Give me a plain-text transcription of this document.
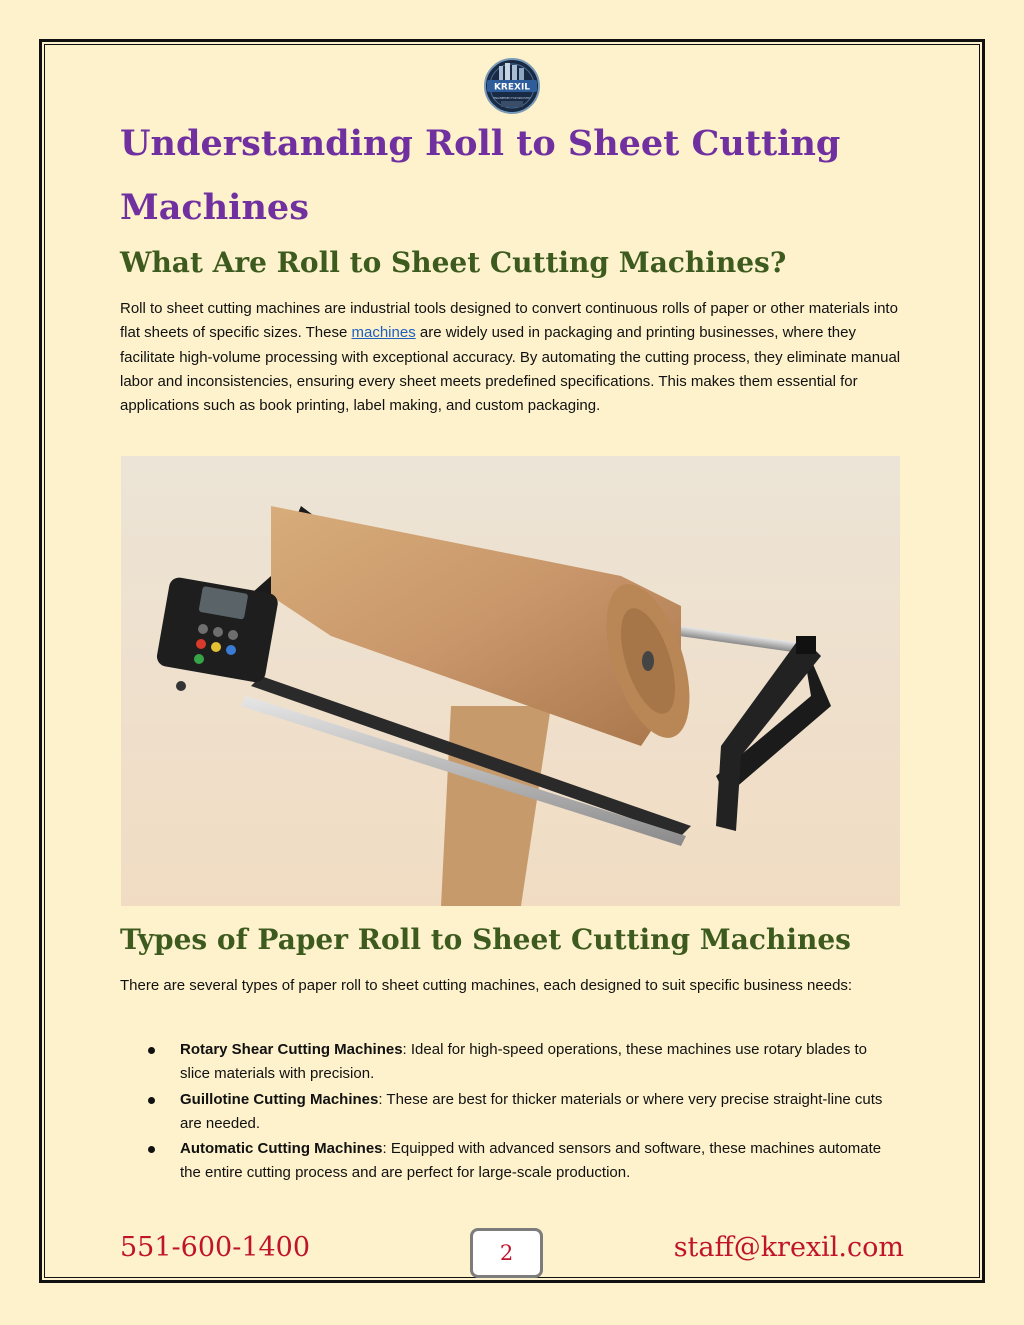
KREXIL
ENGINEERED FOR INDUSTRY
Understanding Roll to Sheet Cutting Machines
What Are Roll to Sheet Cutting Machines?

Roll to sheet cutting machines are industrial tools designed to convert continuous rolls of paper or other materials into flat sheets of specific sizes. These machines are widely used in packaging and printing businesses, where they facilitate high-volume processing with exceptional accuracy. By automating the cutting process, they eliminate manual labor and inconsistencies, ensuring every sheet meets predefined specifications. This makes them essential for applications such as book printing, label making, and custom packaging.

Types of Paper Roll to Sheet Cutting Machines

There are several types of paper roll to sheet cutting machines, each designed to suit specific business needs:

Rotary Shear Cutting Machines: Ideal for high-speed operations, these machines use rotary blades to slice materials with precision.
Guillotine Cutting Machines: These are best for thicker materials or where very precise straight-line cuts are needed.
Automatic Cutting Machines: Equipped with advanced sensors and software, these machines automate the entire cutting process and are perfect for large-scale production.
551-600-1400	2	staff@krexil.com
